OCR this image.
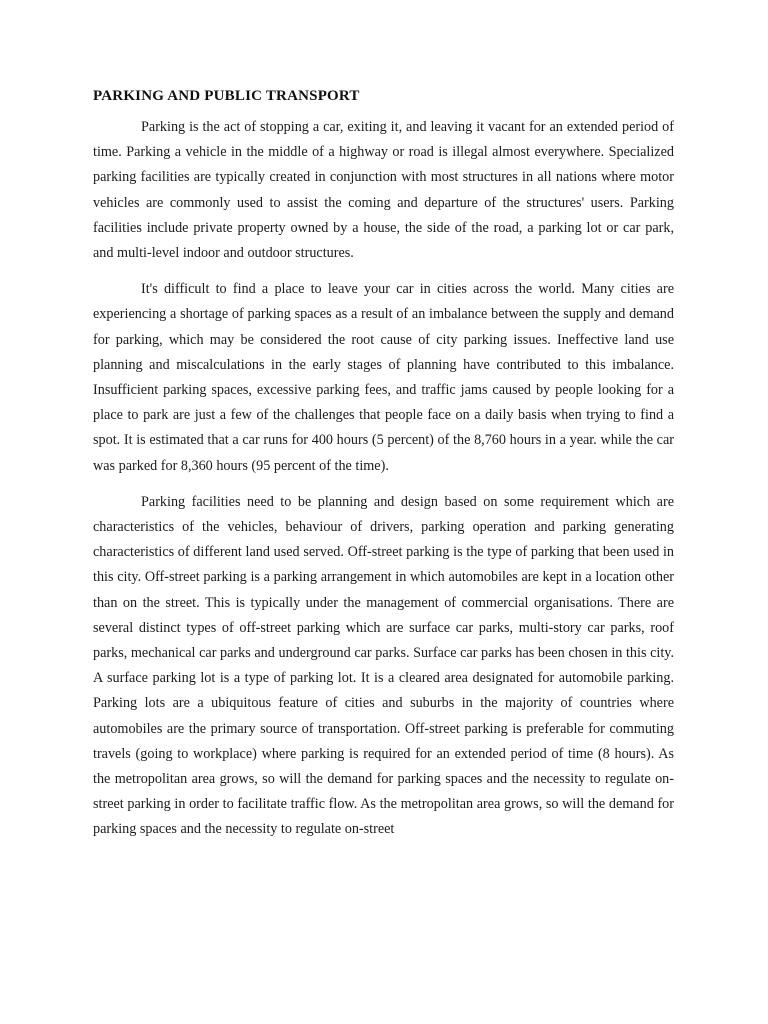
PARKING AND PUBLIC TRANSPORT

Parking is the act of stopping a car, exiting it, and leaving it vacant for an extended period of time. Parking a vehicle in the middle of a highway or road is illegal almost everywhere. Specialized parking facilities are typically created in conjunction with most structures in all nations where motor vehicles are commonly used to assist the coming and departure of the structures' users. Parking facilities include private property owned by a house, the side of the road, a parking lot or car park, and multi-level indoor and outdoor structures.

It's difficult to find a place to leave your car in cities across the world. Many cities are experiencing a shortage of parking spaces as a result of an imbalance between the supply and demand for parking, which may be considered the root cause of city parking issues. Ineffective land use planning and miscalculations in the early stages of planning have contributed to this imbalance. Insufficient parking spaces, excessive parking fees, and traffic jams caused by people looking for a place to park are just a few of the challenges that people face on a daily basis when trying to find a spot. It is estimated that a car runs for 400 hours (5 percent) of the 8,760 hours in a year. while the car was parked for 8,360 hours (95 percent of the time).

Parking facilities need to be planning and design based on some requirement which are characteristics of the vehicles, behaviour of drivers, parking operation and parking generating characteristics of different land used served. Off-street parking is the type of parking that been used in this city. Off-street parking is a parking arrangement in which automobiles are kept in a location other than on the street. This is typically under the management of commercial organisations. There are several distinct types of off-street parking which are surface car parks, multi-story car parks, roof parks, mechanical car parks and underground car parks. Surface car parks has been chosen in this city. A surface parking lot is a type of parking lot. It is a cleared area designated for automobile parking. Parking lots are a ubiquitous feature of cities and suburbs in the majority of countries where automobiles are the primary source of transportation. Off-street parking is preferable for commuting travels (going to workplace) where parking is required for an extended period of time (8 hours). As the metropolitan area grows, so will the demand for parking spaces and the necessity to regulate on-street parking in order to facilitate traffic flow. As the metropolitan area grows, so will the demand for parking spaces and the necessity to regulate on-street
